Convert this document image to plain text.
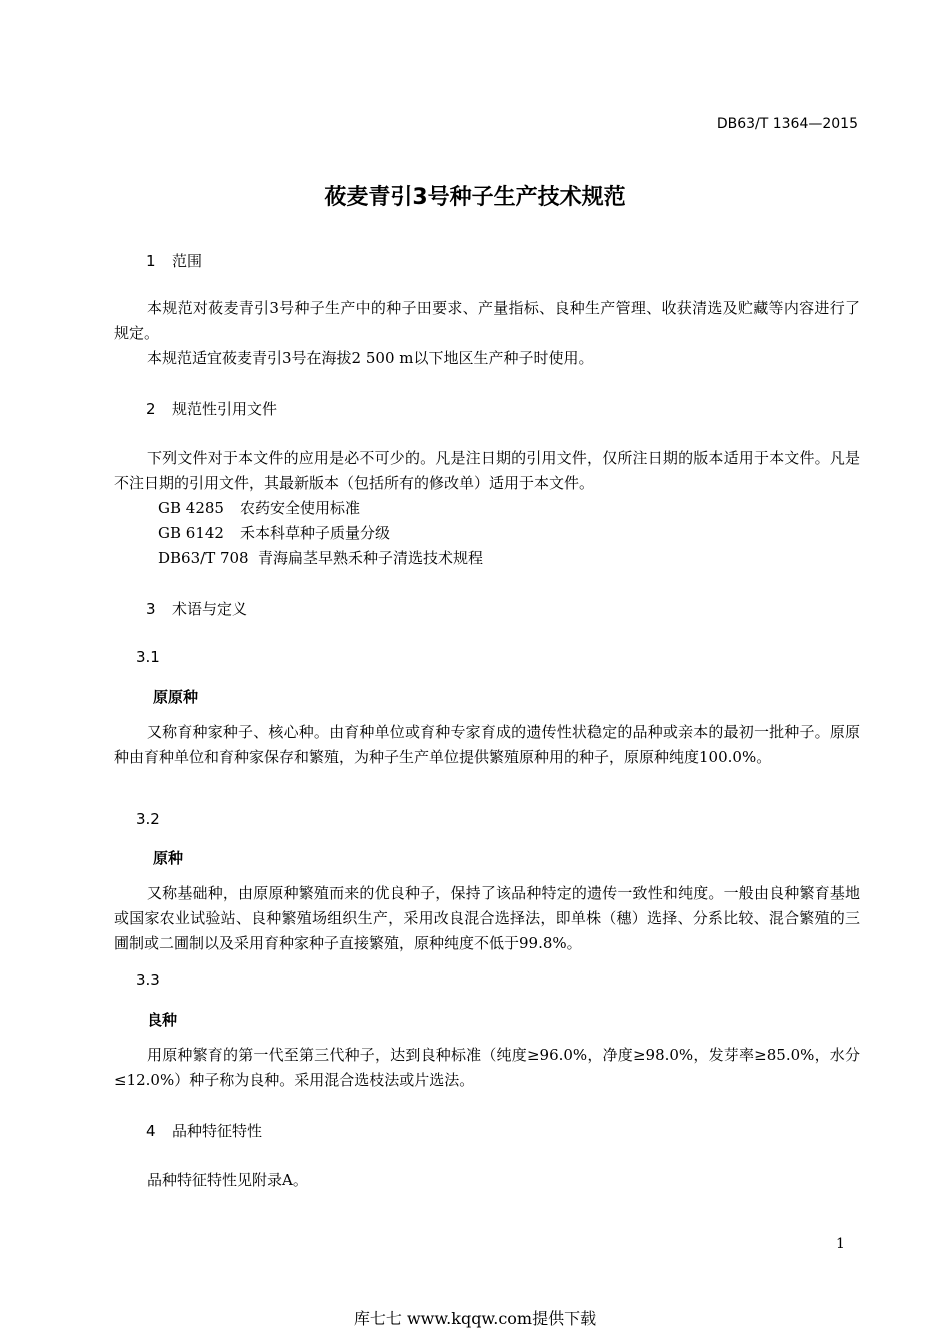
DB63/T 1364—2015
莜麦青引3号种子生产技术规范
1 范围
本规范对莜麦青引3号种子生产中的种子田要求、产量指标、良种生产管理、收获清选及贮藏等内容进行了规定。
本规范适宜莜麦青引3号在海拔2 500 m以下地区生产种子时使用。
2 规范性引用文件
下列文件对于本文件的应用是必不可少的。凡是注日期的引用文件，仅所注日期的版本适用于本文件。凡是不注日期的引用文件，其最新版本（包括所有的修改单）适用于本文件。
GB 4285 农药安全使用标准
GB 6142 禾本科草种子质量分级
DB63/T 708 青海扁茎早熟禾种子清选技术规程
3 术语与定义
3.1
原原种
又称育种家种子、核心种。由育种单位或育种专家育成的遗传性状稳定的品种或亲本的最初一批种子。原原种由育种单位和育种家保存和繁殖，为种子生产单位提供繁殖原种用的种子，原原种纯度100.0%。
3.2
原种
又称基础种，由原原种繁殖而来的优良种子，保持了该品种特定的遗传一致性和纯度。一般由良种繁育基地或国家农业试验站、良种繁殖场组织生产，采用改良混合选择法，即单株（穗）选择、分系比较、混合繁殖的三圃制或二圃制以及采用育种家种子直接繁殖，原种纯度不低于99.8%。
3.3
良种
用原种繁育的第一代至第三代种子，达到良种标准（纯度≥96.0%，净度≥98.0%，发芽率≥85.0%，水分≤12.0%）种子称为良种。采用混合选枝法或片选法。
4 品种特征特性
品种特征特性见附录A。
1
库七七 www.kqqw.com提供下载
